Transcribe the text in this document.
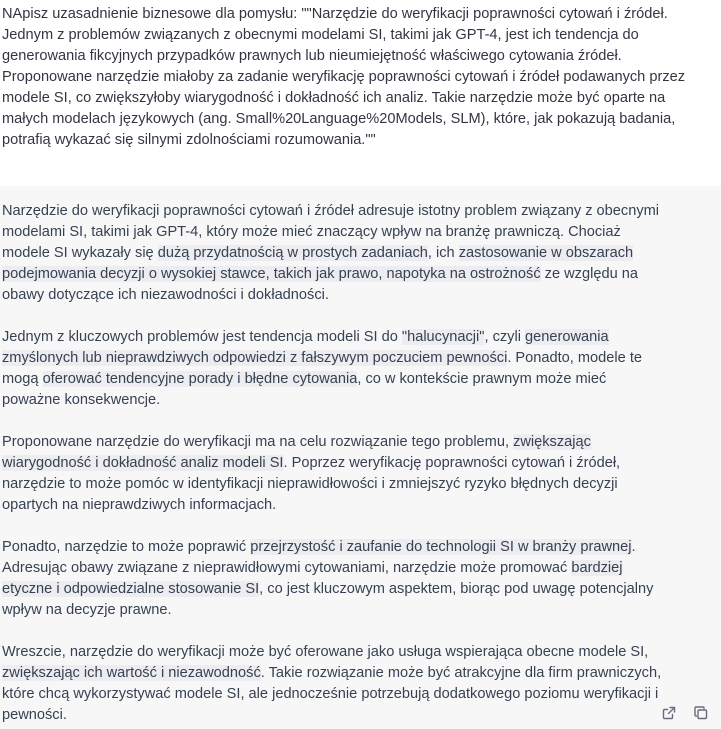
NApisz uzasadnienie biznesowe dla pomysłu: ""Narzędzie do weryfikacji poprawności cytowań i źródeł. Jednym z problemów związanych z obecnymi modelami SI, takimi jak GPT-4, jest ich tendencja do generowania fikcyjnych przypadków prawnych lub nieumiejętność właściwego cytowania źródeł. Proponowane narzędzie miałoby za zadanie weryfikację poprawności cytowań i źródeł podawanych przez modele SI, co zwiększyłoby wiarygodność i dokładność ich analiz. Takie narzędzie może być oparte na małych modelach językowych (ang. Small%20Language%20Models, SLM), które, jak pokazują badania, potrafią wykazać się silnymi zdolnościami rozumowania.""

Narzędzie do weryfikacji poprawności cytowań i źródeł adresuje istotny problem związany z obecnymi modelami SI, takimi jak GPT-4, który może mieć znaczący wpływ na branżę prawniczą. Chociaż modele SI wykazały się dużą przydatnością w prostych zadaniach, ich zastosowanie w obszarach podejmowania decyzji o wysokiej stawce, takich jak prawo, napotyka na ostrożność ze względu na obawy dotyczące ich niezawodności i dokładności.

Jednym z kluczowych problemów jest tendencja modeli SI do "halucynacji", czyli generowania zmyślonych lub nieprawdziwych odpowiedzi z fałszywym poczuciem pewności. Ponadto, modele te mogą oferować tendencyjne porady i błędne cytowania, co w kontekście prawnym może mieć poważne konsekwencje.

Proponowane narzędzie do weryfikacji ma na celu rozwiązanie tego problemu, zwiększając wiarygodność i dokładność analiz modeli SI. Poprzez weryfikację poprawności cytowań i źródeł, narzędzie to może pomóc w identyfikacji nieprawidłowości i zmniejszyć ryzyko błędnych decyzji opartych na nieprawdziwych informacjach.

Ponadto, narzędzie to może poprawić przejrzystość i zaufanie do technologii SI w branży prawnej. Adresując obawy związane z nieprawidłowymi cytowaniami, narzędzie może promować bardziej etyczne i odpowiedzialne stosowanie SI, co jest kluczowym aspektem, biorąc pod uwagę potencjalny wpływ na decyzje prawne.

Wreszcie, narzędzie do weryfikacji może być oferowane jako usługa wspierająca obecne modele SI, zwiększając ich wartość i niezawodność. Takie rozwiązanie może być atrakcyjne dla firm prawniczych, które chcą wykorzystywać modele SI, ale jednocześnie potrzebują dodatkowego poziomu weryfikacji i pewności.
